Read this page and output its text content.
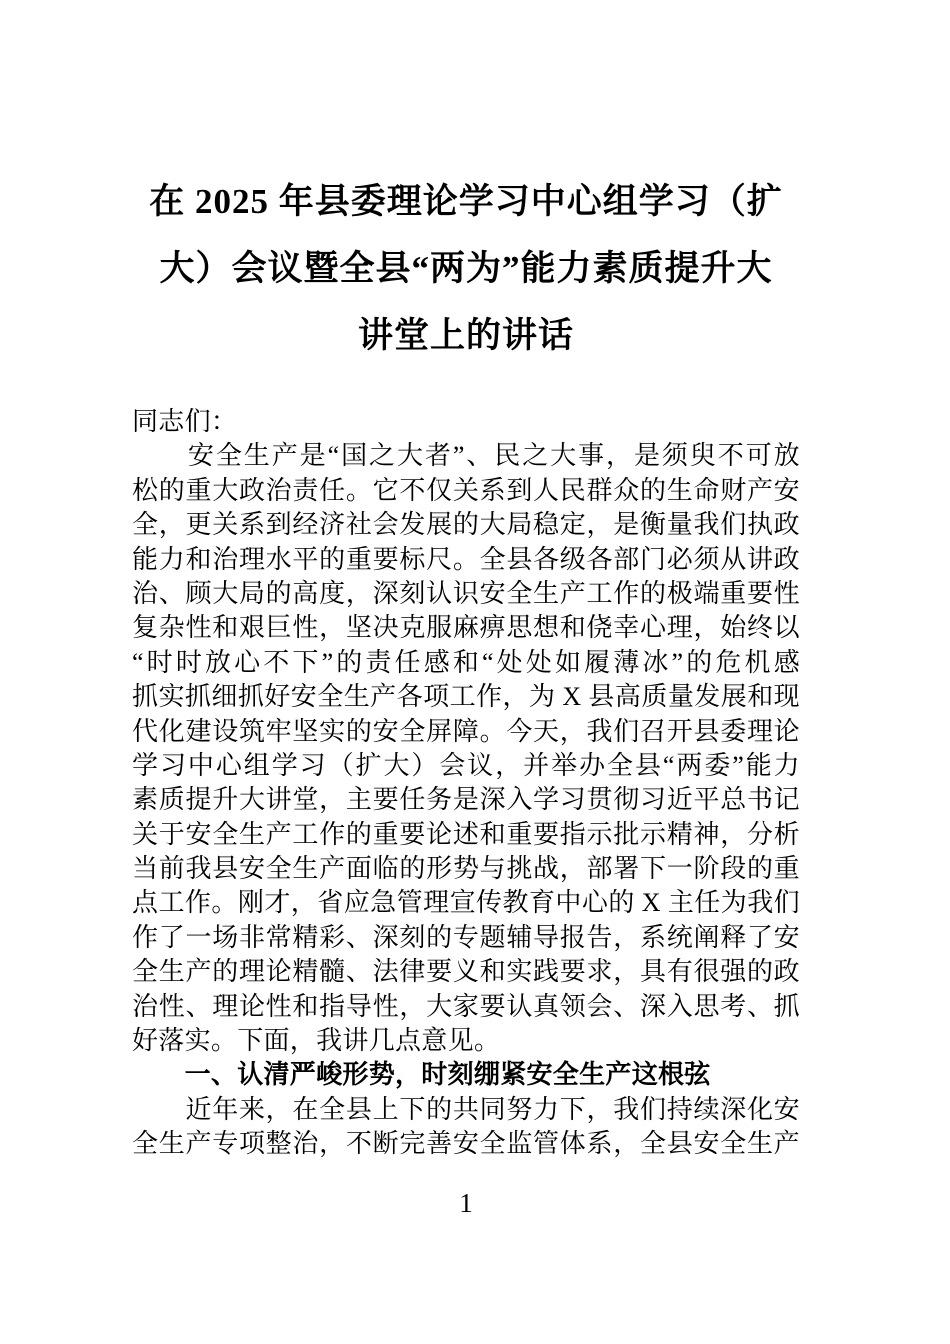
在 2025 年县委理论学习中心组学习（扩
大）会议暨全县“两为”能力素质提升大
讲堂上的讲话
同志们：
　　安全生产是“国之大者”、民之大事，是须臾不可放
松的重大政治责任。它不仅关系到人民群众的生命财产安
全，更关系到经济社会发展的大局稳定，是衡量我们执政
能力和治理水平的重要标尺。全县各级各部门必须从讲政
治、顾大局的高度，深刻认识安全生产工作的极端重要性
复杂性和艰巨性，坚决克服麻痹思想和侥幸心理，始终以
“时时放心不下”的责任感和“处处如履薄冰”的危机感
抓实抓细抓好安全生产各项工作，为 X 县高质量发展和现
代化建设筑牢坚实的安全屏障。今天，我们召开县委理论
学习中心组学习（扩大）会议，并举办全县“两委”能力
素质提升大讲堂，主要任务是深入学习贯彻习近平总书记
关于安全生产工作的重要论述和重要指示批示精神，分析
当前我县安全生产面临的形势与挑战，部署下一阶段的重
点工作。刚才，省应急管理宣传教育中心的 X 主任为我们
作了一场非常精彩、深刻的专题辅导报告，系统阐释了安
全生产的理论精髓、法律要义和实践要求，具有很强的政
治性、理论性和指导性，大家要认真领会、深入思考、抓
好落实。下面，我讲几点意见。
　　一、认清严峻形势，时刻绷紧安全生产这根弦
　　近年来，在全县上下的共同努力下，我们持续深化安
全生产专项整治，不断完善安全监管体系，全县安全生产
1
